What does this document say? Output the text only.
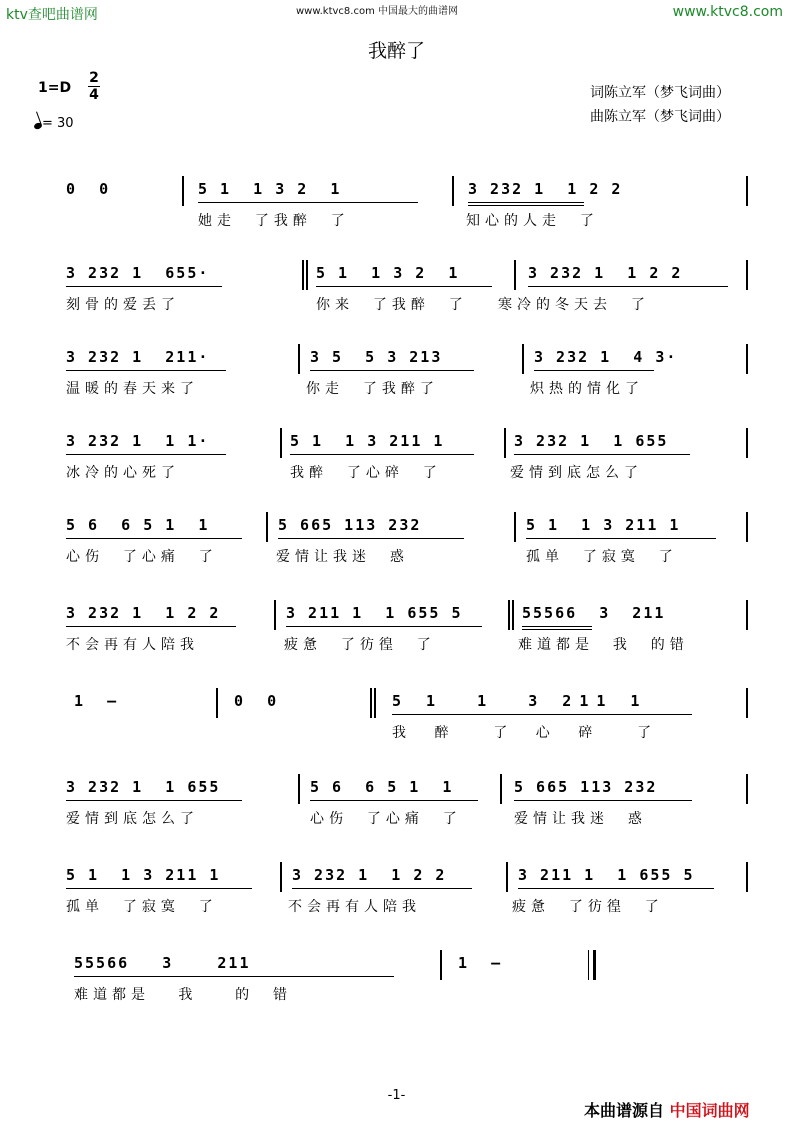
ktv查吧曲谱网	www.ktvc8.com 中国最大的曲谱网	www.ktvc8.com
我醉了
1=D
2
4
= 30
词陈立军（梦飞词曲）
曲陈立军（梦飞词曲）
0  0	5 1  1 3 2  1
她走  了我醉  了
3 232 1  1 2 2
知心的人走  了
3 232 1  655·
刻骨的爱丢了
5 1  1 3 2  1
你来  了我醉  了
3 232 1  1 2 2
寒冷的冬天去  了
3 232 1  211·
温暖的春天来了
3 5  5 3 213
你走  了我醉了
3 232 1  4 3·
炽热的情化了
3 232 1  1 1·
冰冷的心死了
5 1  1 3 211 1
我醉  了心碎  了
3 232 1  1 655
爱情到底怎么了
5 6  6 5 1  1
心伤  了心痛  了
5 665 113 232
爱情让我迷  惑
5 1  1 3 211 1
孤单  了寂寞  了
3 232 1  1 2 2
不会再有人陪我
3 211 1  1 655 5
疲惫  了彷徨  了
55566  3  211
难道都是  我  的错
1  –	0  0	5 1  1  3 211 1
我 醉  了 心 碎  了
3 232 1  1 655
爱情到底怎么了
5 6  6 5 1  1
心伤  了心痛  了
5 665 113 232
爱情让我迷  惑
5 1  1 3 211 1
孤单  了寂寞  了
3 232 1  1 2 2
不会再有人陪我
3 211 1  1 655 5
疲惫  了彷徨  了
55566   3    211
难道都是   我    的  错
1  –
-1-
本曲谱源自 中国词曲网
